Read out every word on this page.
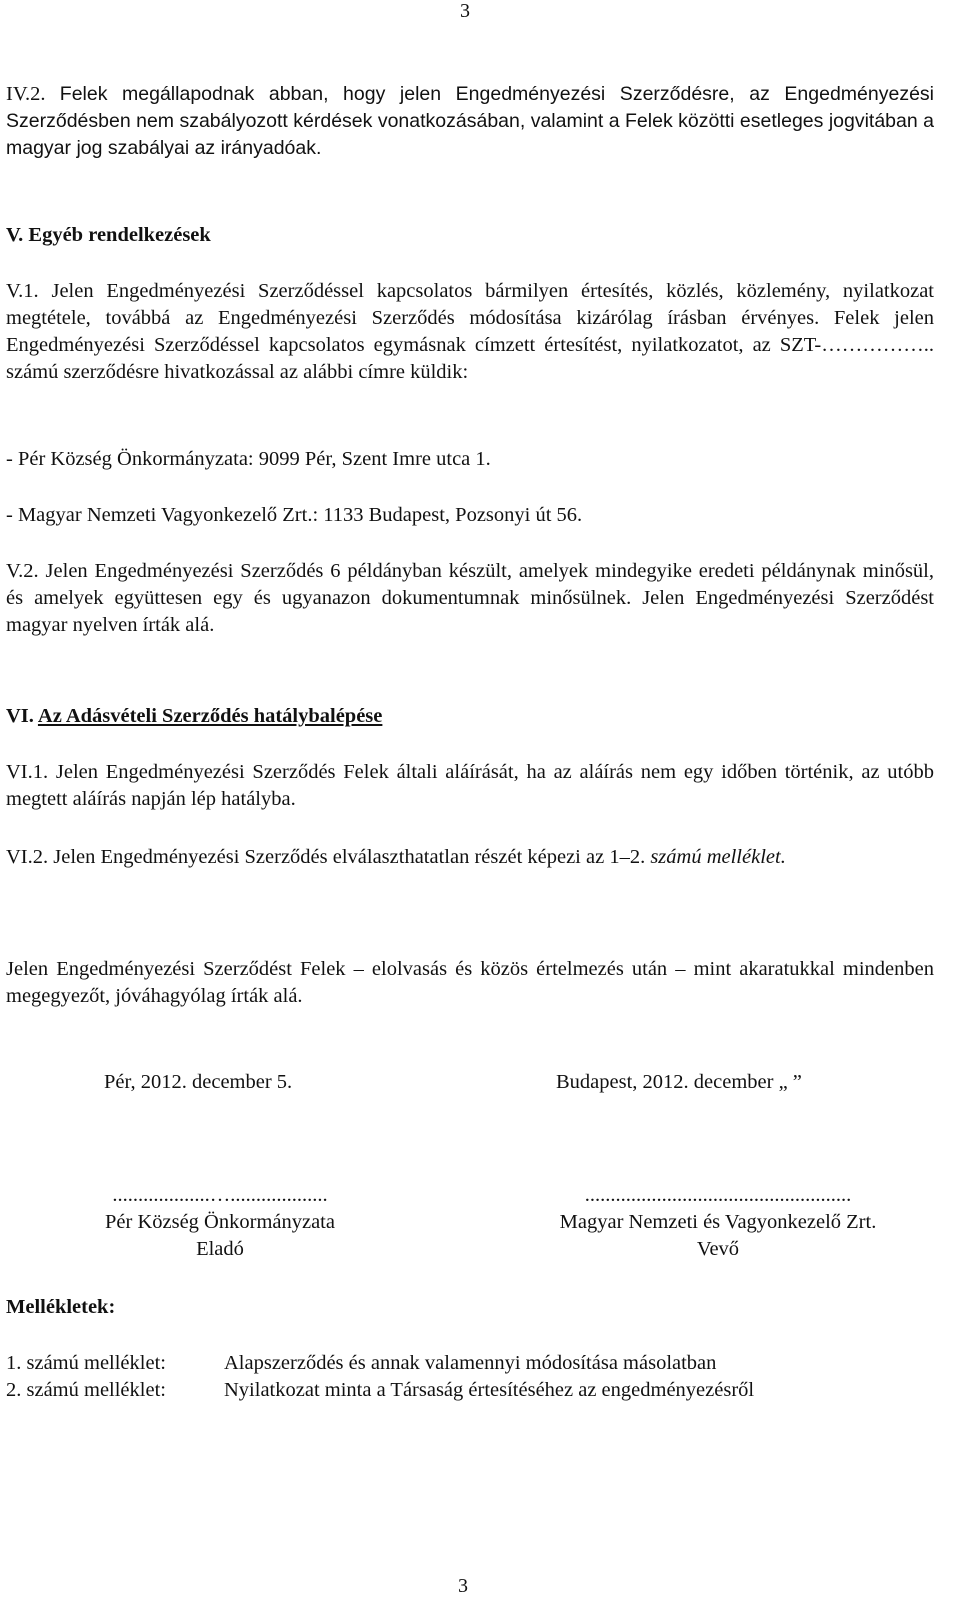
3
IV.2. Felek megállapodnak abban, hogy jelen Engedményezési Szerződésre, az Engedményezési Szerződésben nem szabályozott kérdések vonatkozásában, valamint a Felek közötti esetleges jogvitában a magyar jog szabályai az irányadóak.
V. Egyéb rendelkezések
V.1. Jelen Engedményezési Szerződéssel kapcsolatos bármilyen értesítés, közlés, közlemény, nyilatkozat megtétele, továbbá az Engedményezési Szerződés módosítása kizárólag írásban érvényes. Felek jelen Engedményezési Szerződéssel kapcsolatos egymásnak címzett értesítést, nyilatkozatot, az SZT-…………….. számú szerződésre hivatkozással az alábbi címre küldik:
- Pér Község Önkormányzata: 9099 Pér, Szent Imre utca 1.
- Magyar Nemzeti Vagyonkezelő Zrt.: 1133 Budapest, Pozsonyi út 56.
V.2. Jelen Engedményezési Szerződés 6 példányban készült, amelyek mindegyike eredeti példánynak minősül, és amelyek együttesen egy és ugyanazon dokumentumnak minősülnek. Jelen Engedményezési Szerződést magyar nyelven írták alá.
VI. Az Adásvételi Szerződés hatálybalépése
VI.1. Jelen Engedményezési Szerződés Felek általi aláírását, ha az aláírás nem egy időben történik, az utóbb megtett aláírás napján lép hatályba.
VI.2. Jelen Engedményezési Szerződés elválaszthatatlan részét képezi az 1–2. számú melléklet.
Jelen Engedményezési Szerződést Felek – elolvasás és közös értelmezés után – mint akaratukkal mindenben megegyezőt, jóváhagyólag írták alá.
Pér, 2012. december 5.	Budapest, 2012. december „ ”
...................…...................
Pér Község Önkormányzata
Eladó
....................................................
Magyar Nemzeti és Vagyonkezelő Zrt.
Vevő
Mellékletek:
1. számú melléklet:	Alapszerződés és annak valamennyi módosítása másolatban
2. számú melléklet:	Nyilatkozat minta a Társaság értesítéséhez az engedményezésről
3
